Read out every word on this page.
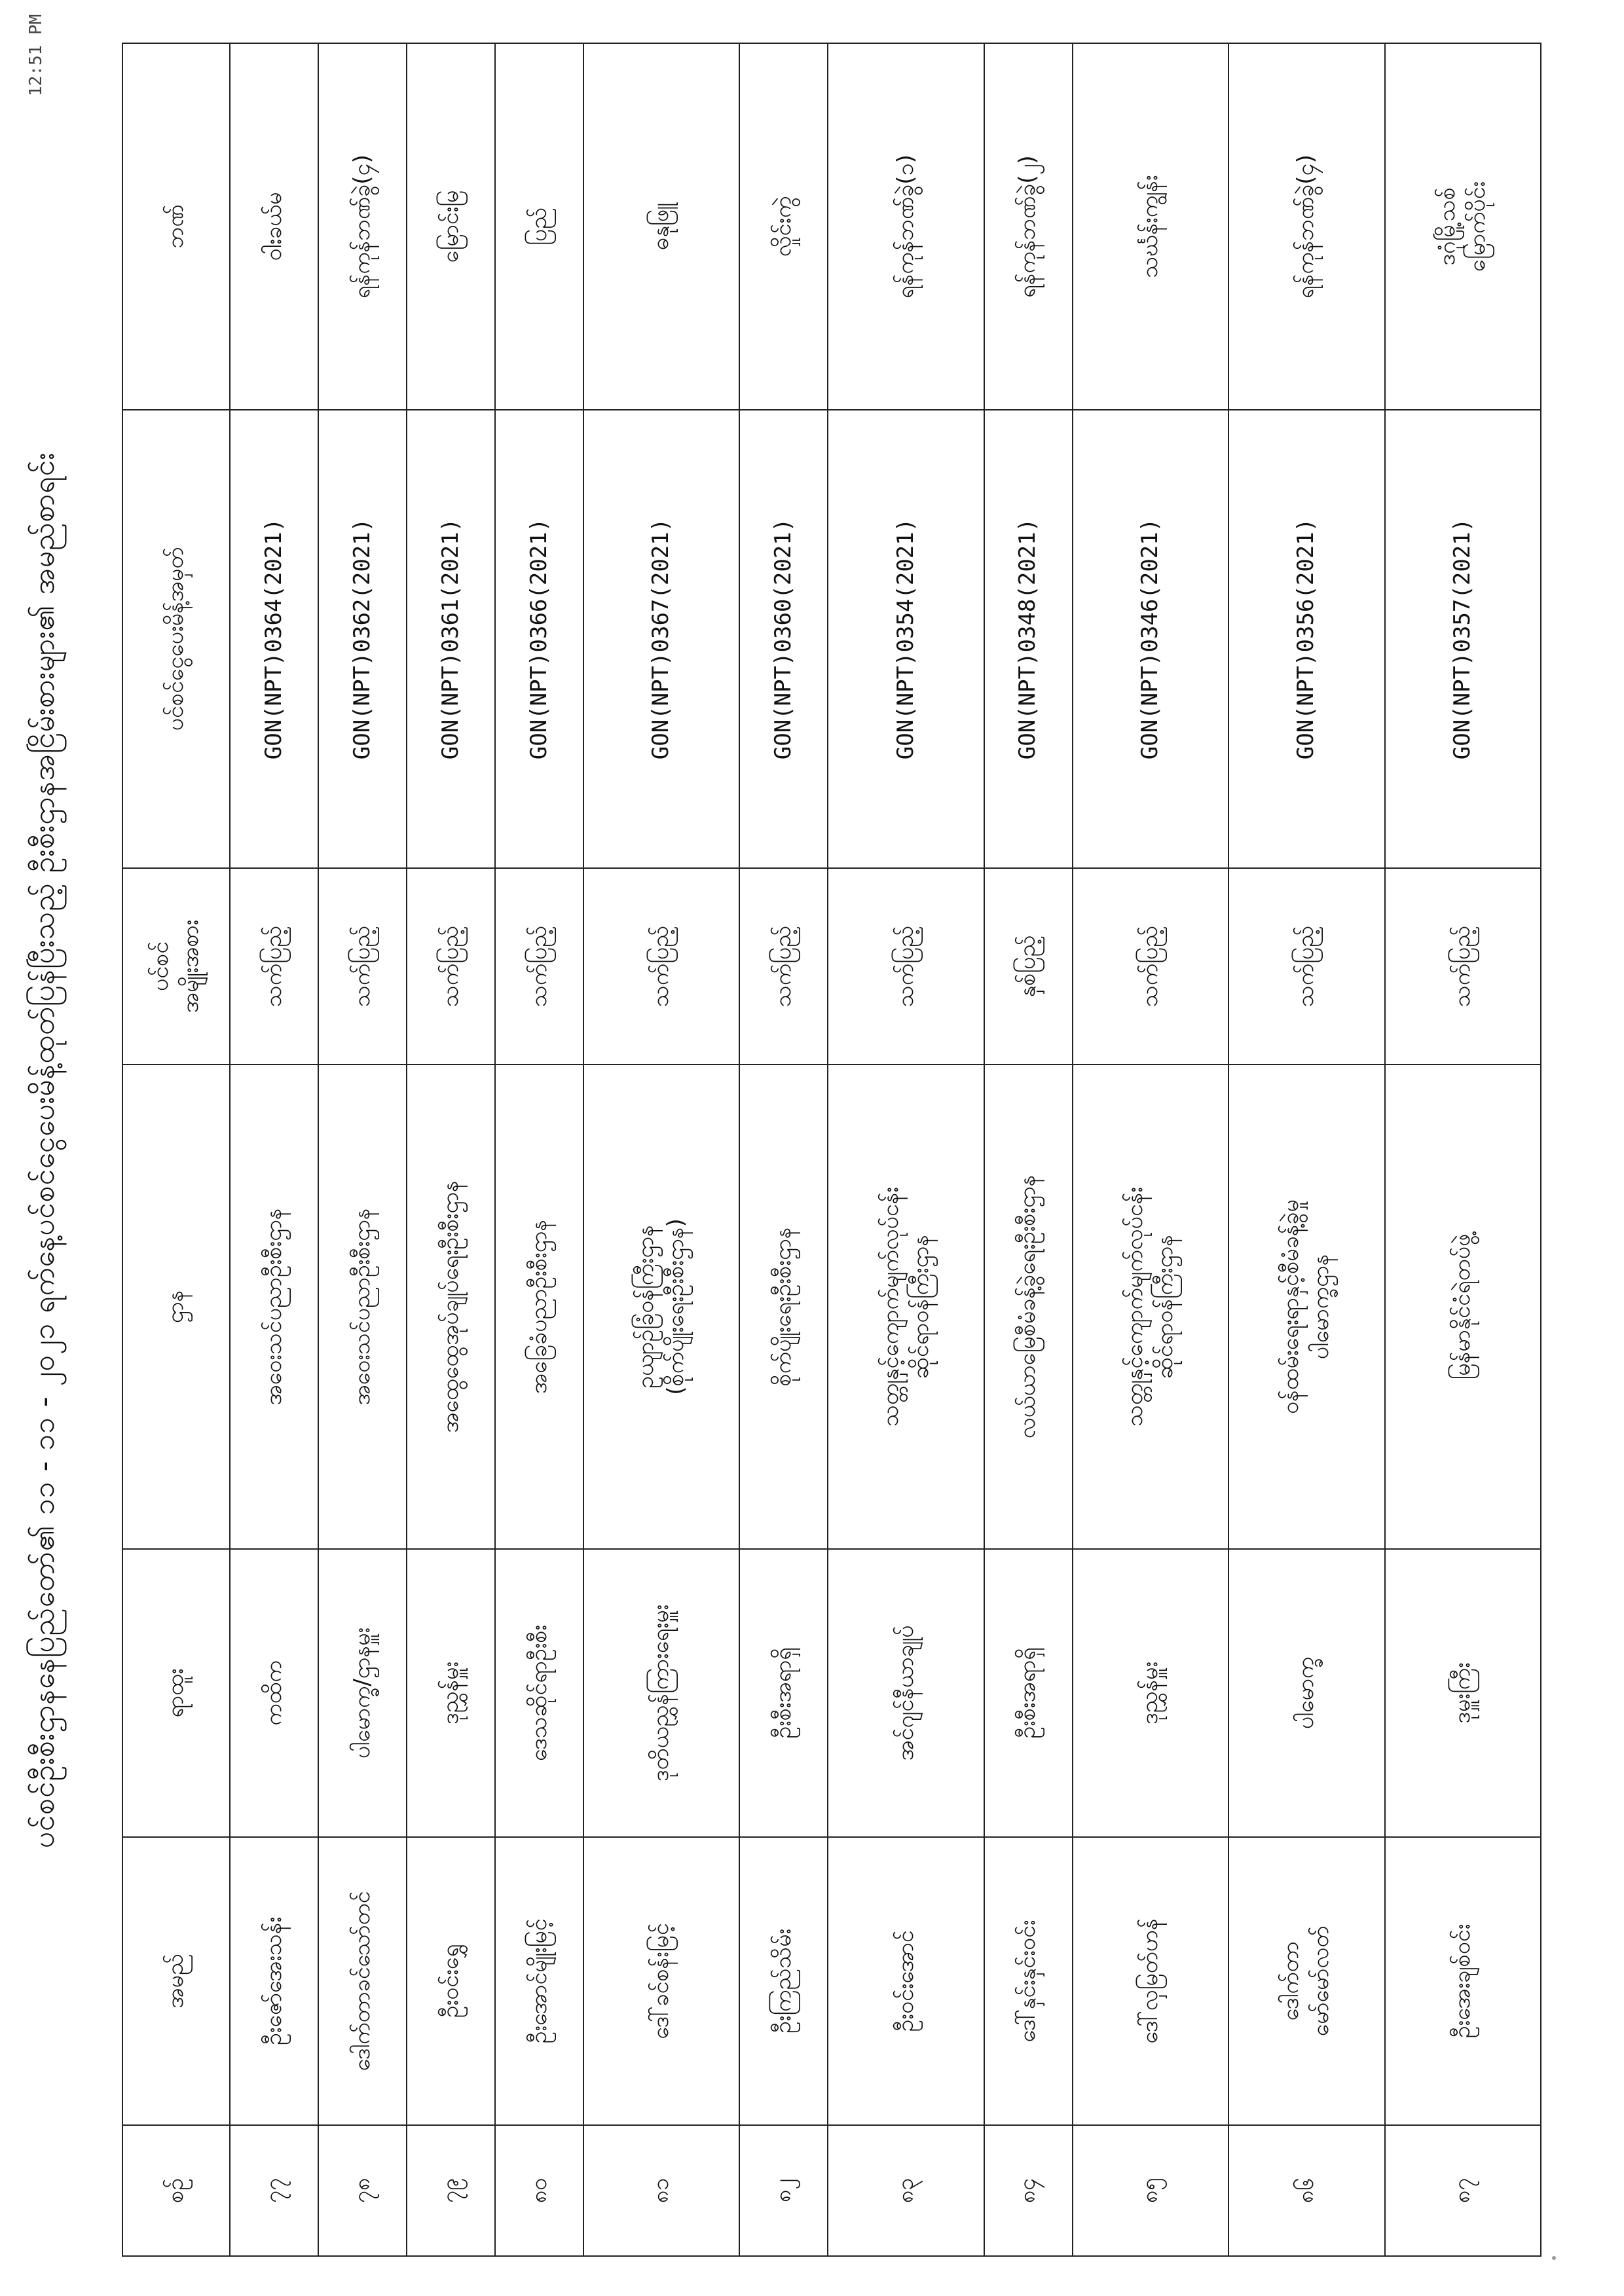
ပင်စင်ဦးစီးဌာနနေပြည်တော်၏ ၁၁ - ၁၁ - ၂၀၂၁ ရက်နေ့ပင်စင်ငွေပေးမိန့်ထုတ်ပြန်ပြီးသည့် ဦးစီးဌာနအငြိမ်းစားများ၏ အမည်စာရင်း
12:51 PM
စဉ်	အမည်	ရာထူး	ဌာန	ပင်စင် အမျိုးအစား	ပင်စင်ငွေပေးမိန့်အမှတ်	ဘဏ်

၇၇	ဦးဇော်အေးသန်း	ကထိက	အဝေးသင်ပညာဦးစီးဌာန	သက်ပြည့်	GON(NPT)0364(2021)	ဝါးခယ်မ

၇၈	ဒေါက်တာခင်သော်တင်	ပါမောက္ခ/ဌာနမှူး	အဝေးသင်ပညာဦးစီးဌာန	သက်ပြည့်	GON(NPT)0362(2021)	ရန်ကုန်ဘဏ်ခွဲ(၄)

၇၉	ဦးဝင်းရွှေ	ဒုညွှန်မှူး	အထွေထွေအုပ်ချုပ်ရေးဦးစီးဌာန	သက်ပြည့်	GON(NPT)0361(2021)	မြောင်းမြ

၈၀	ဦးအောင်မျိုးမြင့်	ဒေသဆိုင်ရာဦးစီး	အခြေခံပညာဦးစီးဌာန	သက်ပြည့်	GON(NPT)0366(2021)	ပြည်

၈၁	ဒေါ်ခင်စန်းမြင့်	ဒုတိယညွှန်ကြားရေးမှူး	ဥယျာဉ်ခြံဝန်ကြီးဌာန (စိုက်ပျိုးရေးဦးစီးဌာန)	သက်ပြည့်	GON(NPT)0367(2021)	ဓနုဖြူ

၈၂	ဦးကြည်သိမ်း	ဦးစီးအရာရှိ	စိုက်ပျိုးရေးဦးစီးဌာန	သက်ပြည့်	GON(NPT)0360(2021)	လှိုင်းကွဲ

၈၃	ဦးဝင်းအောင်	အင်ဂျင်နီယာချုပ်	သတ္တုနှင့်ကျောက်မျက်လုပ်ငန်း ဆိုင်ရာဝန်ကြီးဌာန	သက်ပြည့်	GON(NPT)0354(2021)	ရန်ကုန်ဘဏ်ခွဲ(၁)

၈၄	ဒေါ်နှင်းနှင်းဝင်း	ဦးစီးအရာရှိ	လယ်ယာမြေစီမံခန့်ခွဲရေးဦးစီးဌာန	နှစ်ပြည့်	GON(NPT)0348(2021)	ရန်ကုန်ဘဏ်ခွဲ(၂)

၈၅	ဒေါ်လှမြတ်ဟန်	ဒုညွှန်မှူး	သတ္တုနှင့်ကျောက်မျက်လုပ်ငန်း ဆိုင်ရာဝန်ကြီးဌာန	သက်ပြည့်	GON(NPT)0346(2021)	သင်္ဃန်းကျွန်း

၈၆	ဒေါက်တာ မော်မော်လတ်	ပါမောက္ခ	ဝန်ထမ်းရေးရာနှင့်စီမံခန့်ခွဲမှု ပါမောက္ခဌာန	သက်ပြည့်	GON(NPT)0356(2021)	ရန်ကုန်ဘဏ်ခွဲ(၄)

၈၇	ဦးအေးချစ်ဝင်း	ဒုမှူးကြီး	မြန်မာနိုင်ငံရဲတပ်ဖွဲ့	သက်ပြည့်	GON(NPT)0357(2021)	ဒဂုံမြို့သစ် မြောက်ပိုင်း
